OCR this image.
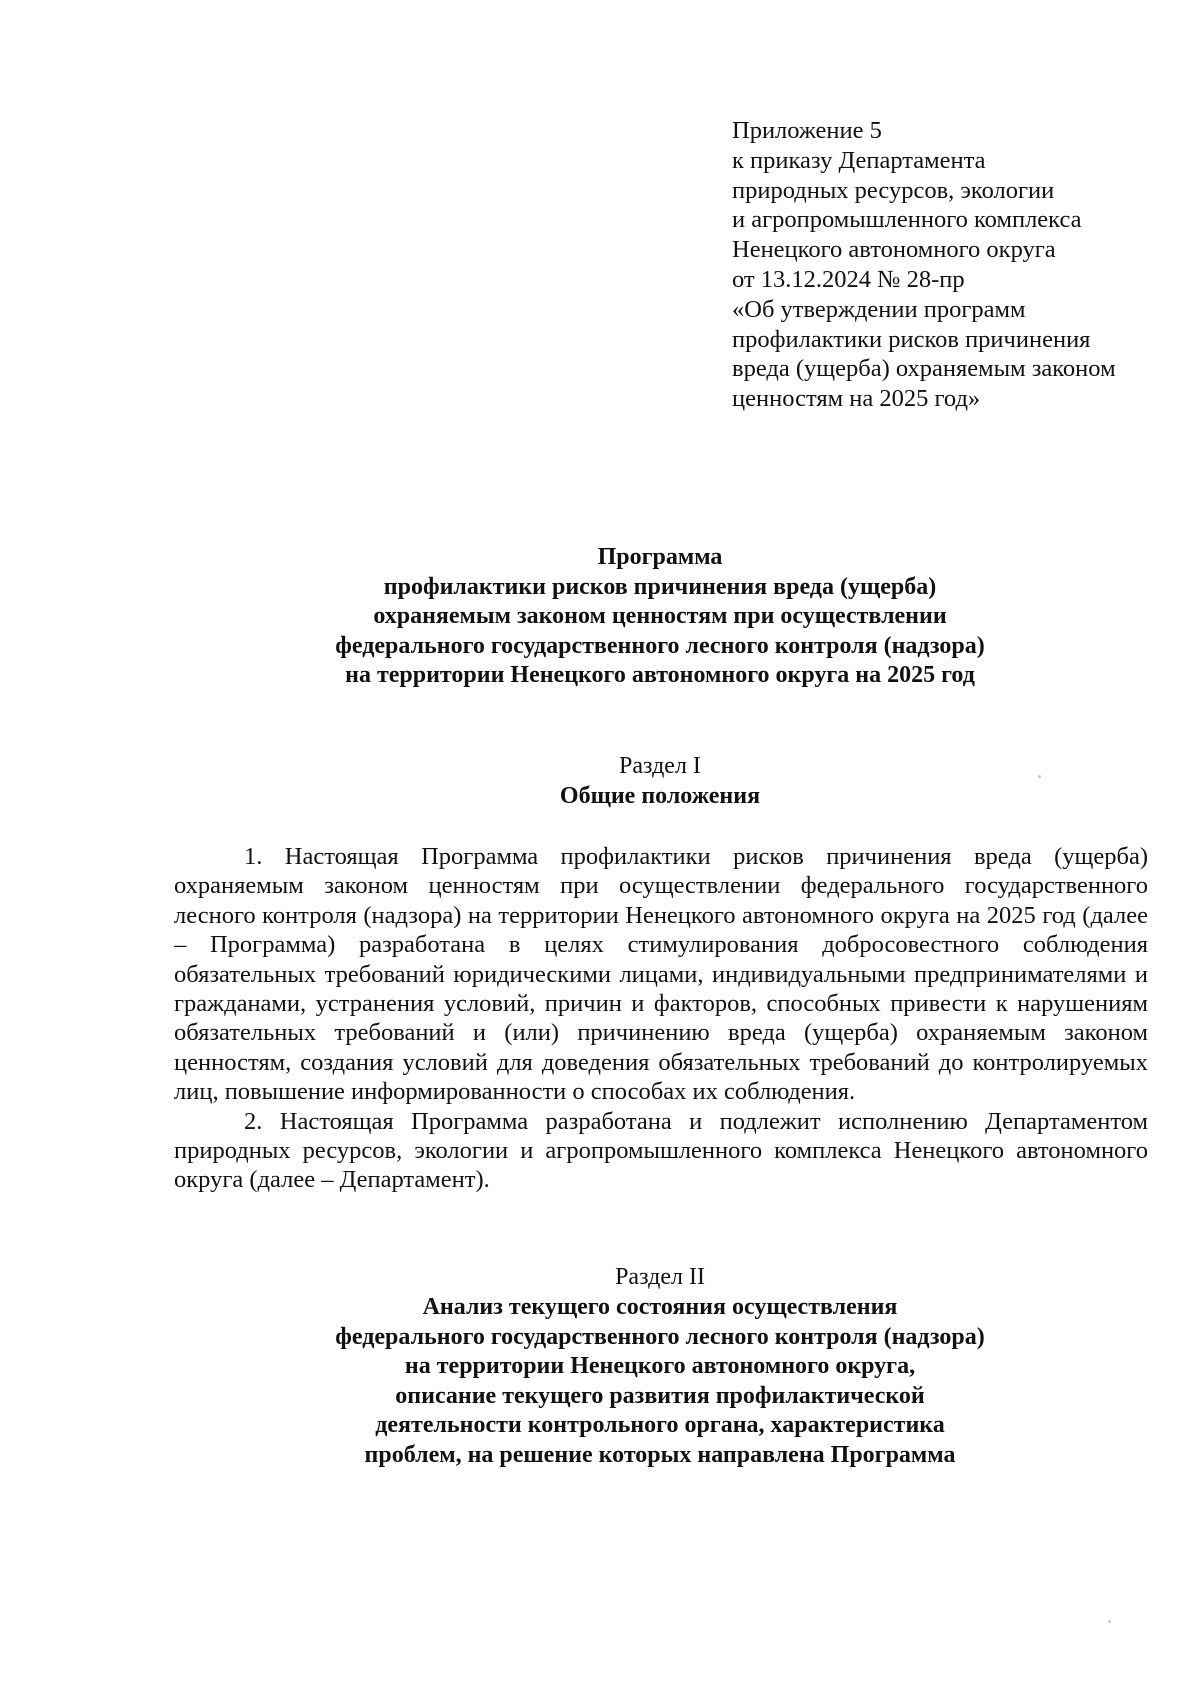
Приложение 5
к приказу Департамента
природных ресурсов, экологии
и агропромышленного комплекса
Ненецкого автономного округа
от 13.12.2024 № 28-пр
«Об утверждении программ
профилактики рисков причинения
вреда (ущерба) охраняемым законом
ценностям на 2025 год»
Программа
профилактики рисков причинения вреда (ущерба)
охраняемым законом ценностям при осуществлении
федерального государственного лесного контроля (надзора)
на территории Ненецкого автономного округа на 2025 год
Раздел I
Общие положения

1. Настоящая Программа профилактики рисков причинения вреда (ущерба) охраняемым законом ценностям при осуществлении федерального государственного лесного контроля (надзора) на территории Ненецкого автономного округа на 2025 год (далее – Программа) разработана в целях стимулирования добросовестного соблюдения обязательных требований юридическими лицами, индивидуальными предпринимателями и гражданами, устранения условий, причин и факторов, способных привести к нарушениям обязательных требований и (или) причинению вреда (ущерба) охраняемым законом ценностям, создания условий для доведения обязательных требований до контролируемых лиц, повышение информированности о способах их соблюдения.

2. Настоящая Программа разработана и подлежит исполнению Департаментом природных ресурсов, экологии и агропромышленного комплекса Ненецкого автономного округа (далее – Департамент).

Раздел II
Анализ текущего состояния осуществления
федерального государственного лесного контроля (надзора)
на территории Ненецкого автономного округа,
описание текущего развития профилактической
деятельности контрольного органа, характеристика
проблем, на решение которых направлена Программа
